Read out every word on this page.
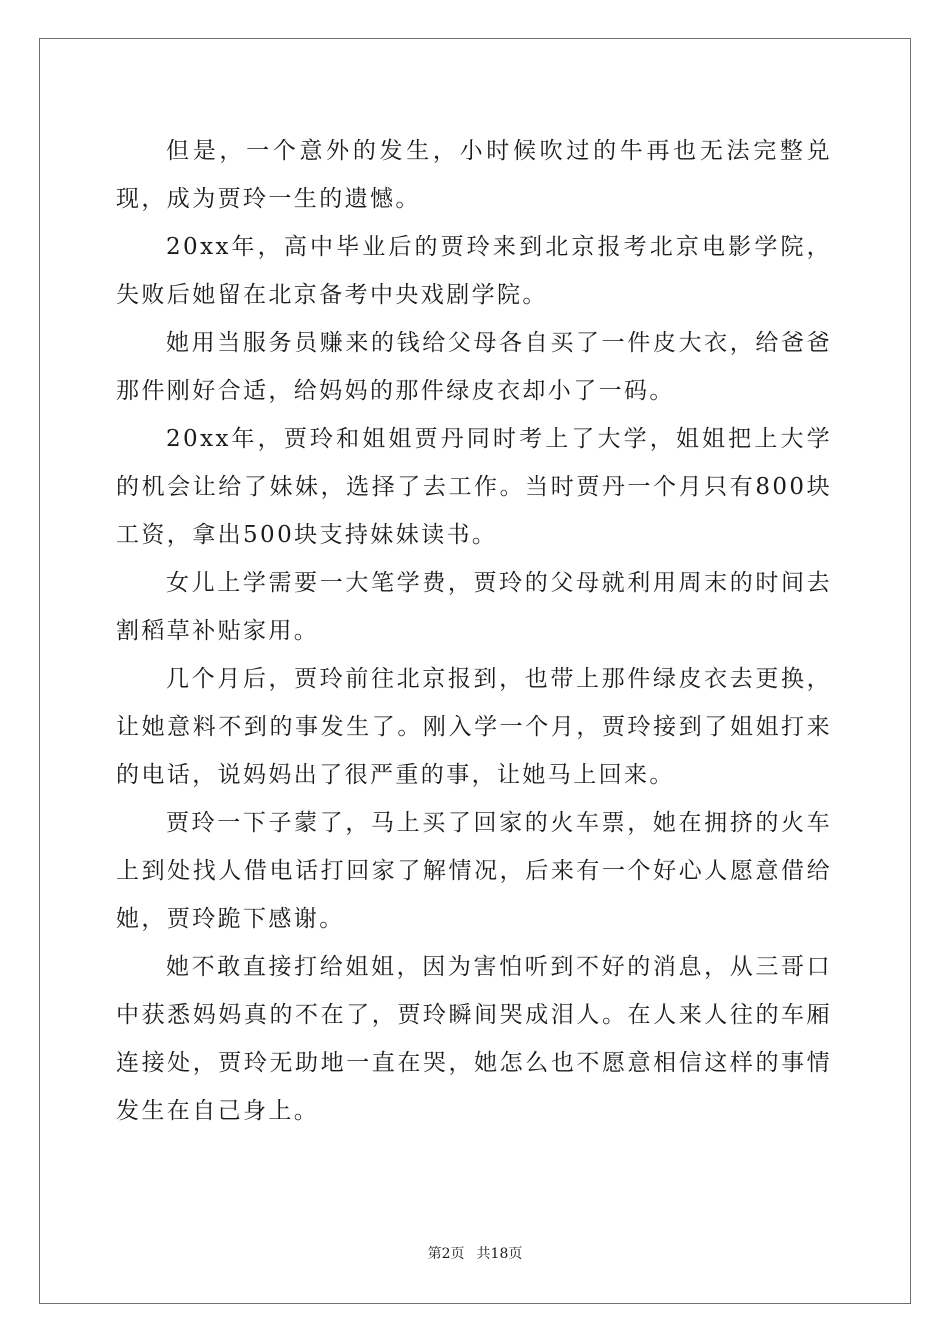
但是，一个意外的发生，小时候吹过的牛再也无法完整兑现，成为贾玲一生的遗憾。

20xx年，高中毕业后的贾玲来到北京报考北京电影学院，失败后她留在北京备考中央戏剧学院。

她用当服务员赚来的钱给父母各自买了一件皮大衣，给爸爸那件刚好合适，给妈妈的那件绿皮衣却小了一码。

20xx年，贾玲和姐姐贾丹同时考上了大学，姐姐把上大学的机会让给了妹妹，选择了去工作。当时贾丹一个月只有800块工资，拿出500块支持妹妹读书。

女儿上学需要一大笔学费，贾玲的父母就利用周末的时间去割稻草补贴家用。

几个月后，贾玲前往北京报到，也带上那件绿皮衣去更换，让她意料不到的事发生了。刚入学一个月，贾玲接到了姐姐打来的电话，说妈妈出了很严重的事，让她马上回来。

贾玲一下子蒙了，马上买了回家的火车票，她在拥挤的火车上到处找人借电话打回家了解情况，后来有一个好心人愿意借给她，贾玲跪下感谢。

她不敢直接打给姐姐，因为害怕听到不好的消息，从三哥口中获悉妈妈真的不在了，贾玲瞬间哭成泪人。在人来人往的车厢连接处，贾玲无助地一直在哭，她怎么也不愿意相信这样的事情发生在自己身上。

第2页 共18页
